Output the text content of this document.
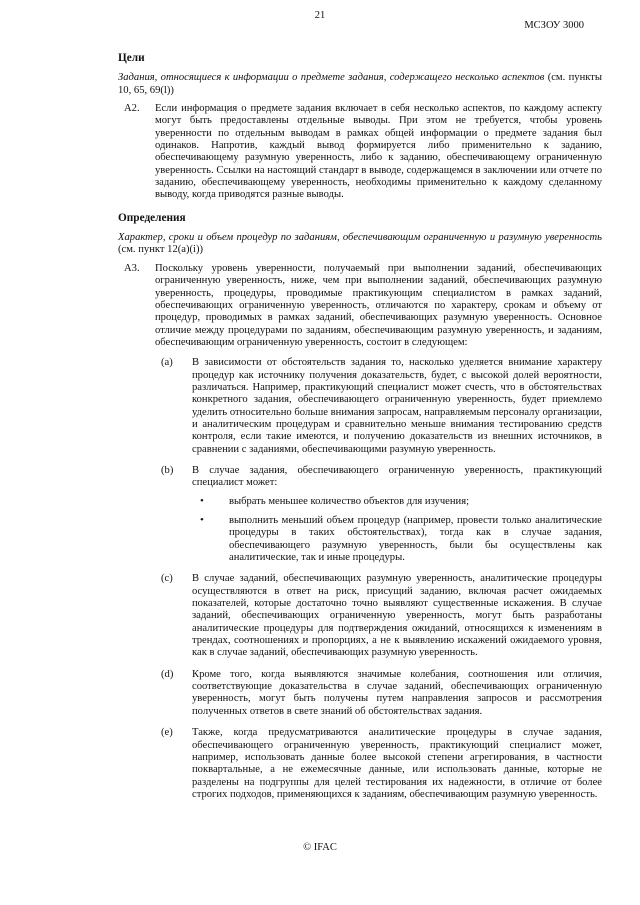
21
МСЗОУ 3000

Цели

Задания, относящиеся к информации о предмете задания, содержащего несколько аспектов (см. пункты 10, 65, 69(l))

A2. Если информация о предмете задания включает в себя несколько аспектов, по каждому аспекту могут быть предоставлены отдельные выводы. При этом не требуется, чтобы уровень уверенности по отдельным выводам в рамках общей информации о предмете задания был одинаков. Напротив, каждый вывод формируется либо применительно к заданию, обеспечивающему разумную уверенность, либо к заданию, обеспечивающему ограниченную уверенность. Ссылки на настоящий стандарт в выводе, содержащемся в заключении или отчете по заданию, обеспечивающему уверенность, необходимы применительно к каждому сделанному выводу, когда приводятся разные выводы.

Определения

Характер, сроки и объем процедур по заданиям, обеспечивающим ограниченную и разумную уверенность (см. пункт 12(a)(i))

A3. Поскольку уровень уверенности, получаемый при выполнении заданий, обеспечивающих ограниченную уверенность, ниже, чем при выполнении заданий, обеспечивающих разумную уверенность, процедуры, проводимые практикующим специалистом в рамках заданий, обеспечивающих ограниченную уверенность, отличаются по характеру, срокам и объему от процедур, проводимых в рамках заданий, обеспечивающих разумную уверенность. Основное отличие между процедурами по заданиям, обеспечивающим разумную уверенность, и заданиям, обеспечивающим ограниченную уверенность, состоит в следующем:

(a) В зависимости от обстоятельств задания то, насколько уделяется внимание характеру процедур как источнику получения доказательств, будет, с высокой долей вероятности, различаться. Например, практикующий специалист может счесть, что в обстоятельствах конкретного задания, обеспечивающего ограниченную уверенность, будет приемлемо уделить относительно больше внимания запросам, направляемым персоналу организации, и аналитическим процедурам и сравнительно меньше внимания тестированию средств контроля, если такие имеются, и получению доказательств из внешних источников, в сравнении с заданиями, обеспечивающими разумную уверенность.

(b) В случае задания, обеспечивающего ограниченную уверенность, практикующий специалист может:

• выбрать меньшее количество объектов для изучения;

• выполнить меньший объем процедур (например, провести только аналитические процедуры в таких обстоятельствах), тогда как в случае задания, обеспечивающего разумную уверенность, были бы осуществлены как аналитические, так и иные процедуры.

(c) В случае заданий, обеспечивающих разумную уверенность, аналитические процедуры осуществляются в ответ на риск, присущий заданию, включая расчет ожидаемых показателей, которые достаточно точно выявляют существенные искажения. В случае заданий, обеспечивающих ограниченную уверенность, могут быть разработаны аналитические процедуры для подтверждения ожиданий, относящихся к изменениям в трендах, соотношениях и пропорциях, а не к выявлению искажений ожидаемого уровня, как в случае заданий, обеспечивающих разумную уверенность.

(d) Кроме того, когда выявляются значимые колебания, соотношения или отличия, соответствующие доказательства в случае заданий, обеспечивающих ограниченную уверенность, могут быть получены путем направления запросов и рассмотрения полученных ответов в свете знаний об обстоятельствах задания.

(e) Также, когда предусматриваются аналитические процедуры в случае задания, обеспечивающего ограниченную уверенность, практикующий специалист может, например, использовать данные более высокой степени агрегирования, в частности поквартальные, а не ежемесячные данные, или использовать данные, которые не разделены на подгруппы для целей тестирования их надежности, в отличие от более строгих подходов, применяющихся к заданиям, обеспечивающим разумную уверенность.

© IFAC
